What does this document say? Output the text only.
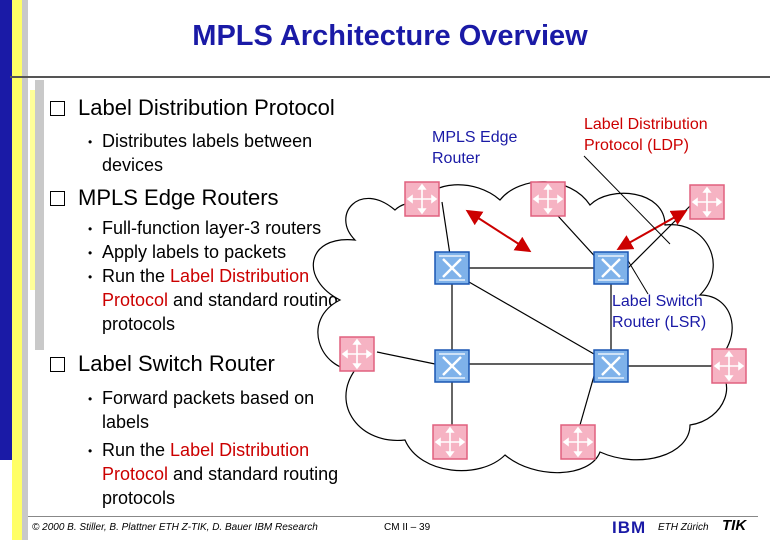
MPLS Architecture Overview
Label Distribution Protocol
• Distributes labels between devices
MPLS Edge Routers
• Full-function layer-3 routers
• Apply labels to packets
• Run the Label Distribution Protocol and standard routing protocols
Label Switch Router
• Forward packets based on labels
• Run the Label Distribution Protocol and standard routing protocols
MPLS Edge
Router
Label Distribution
Protocol (LDP)
Label Switch
Router (LSR)
© 2000 B. Stiller, B. Plattner ETH Z-TIK, D. Bauer IBM Research	CM II – 39	IBM ETH Zürich TIK
